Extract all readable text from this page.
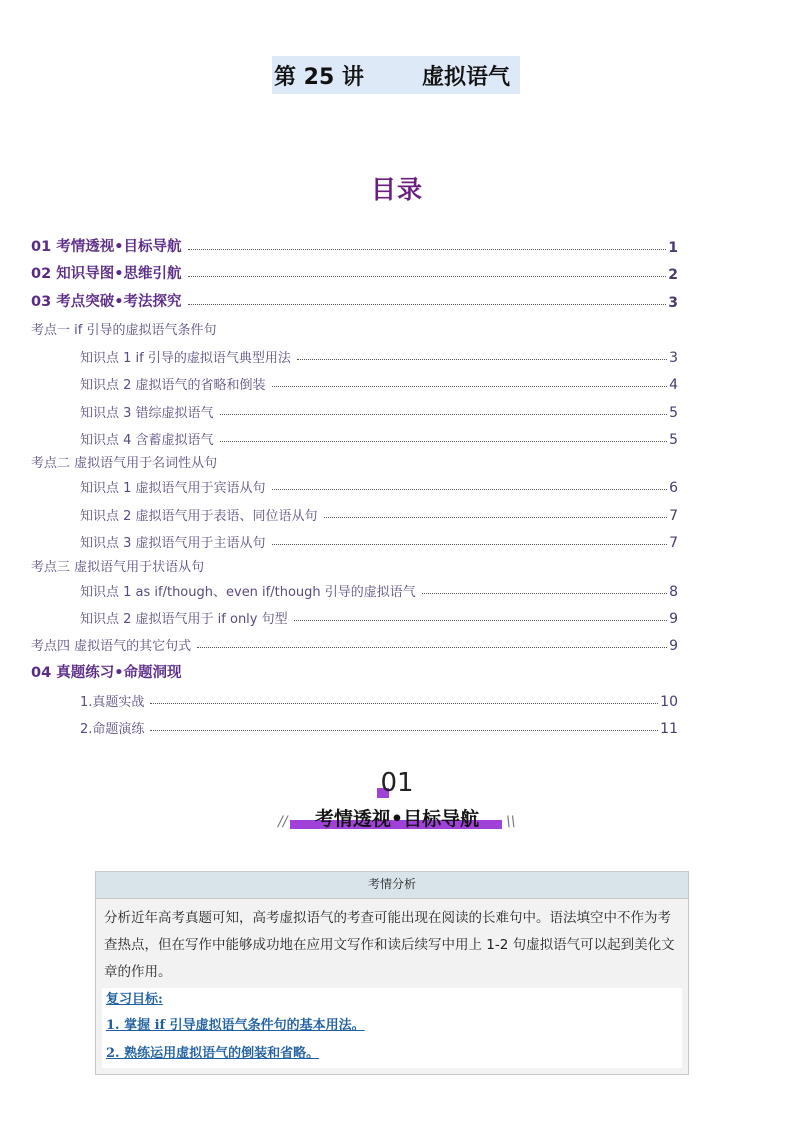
第 25 讲	虚拟语气
目录
01 考情透视•目标导航	1
02 知识导图•思维引航	2
03 考点突破•考法探究	3
考点一 if 引导的虚拟语气条件句
知识点 1 if 引导的虚拟语气典型用法	3
知识点 2 虚拟语气的省略和倒装	4
知识点 3 错综虚拟语气	5
知识点 4 含蓄虚拟语气	5
考点二 虚拟语气用于名词性从句
知识点 1 虚拟语气用于宾语从句	6
知识点 2 虚拟语气用于表语、同位语从句	7
知识点 3 虚拟语气用于主语从句	7
考点三 虚拟语气用于状语从句
知识点 1 as if/though、even if/though 引导的虚拟语气	8
知识点 2 虚拟语气用于 if only 句型	9
考点四 虚拟语气的其它句式	9
04 真题练习•命题洞现
1.真题实战	10
2.命题演练	11
01
//	考情透视•目标导航	\\
考情分析
分析近年高考真题可知，高考虚拟语气的考查可能出现在阅读的长难句中。语法填空中不作为考查热点，但在写作中能够成功地在应用文写作和读后续写中用上 1-2 句虚拟语气可以起到美化文章的作用。
复习目标:
1. 掌握 if 引导虚拟语气条件句的基本用法。
2. 熟练运用虚拟语气的倒装和省略。
